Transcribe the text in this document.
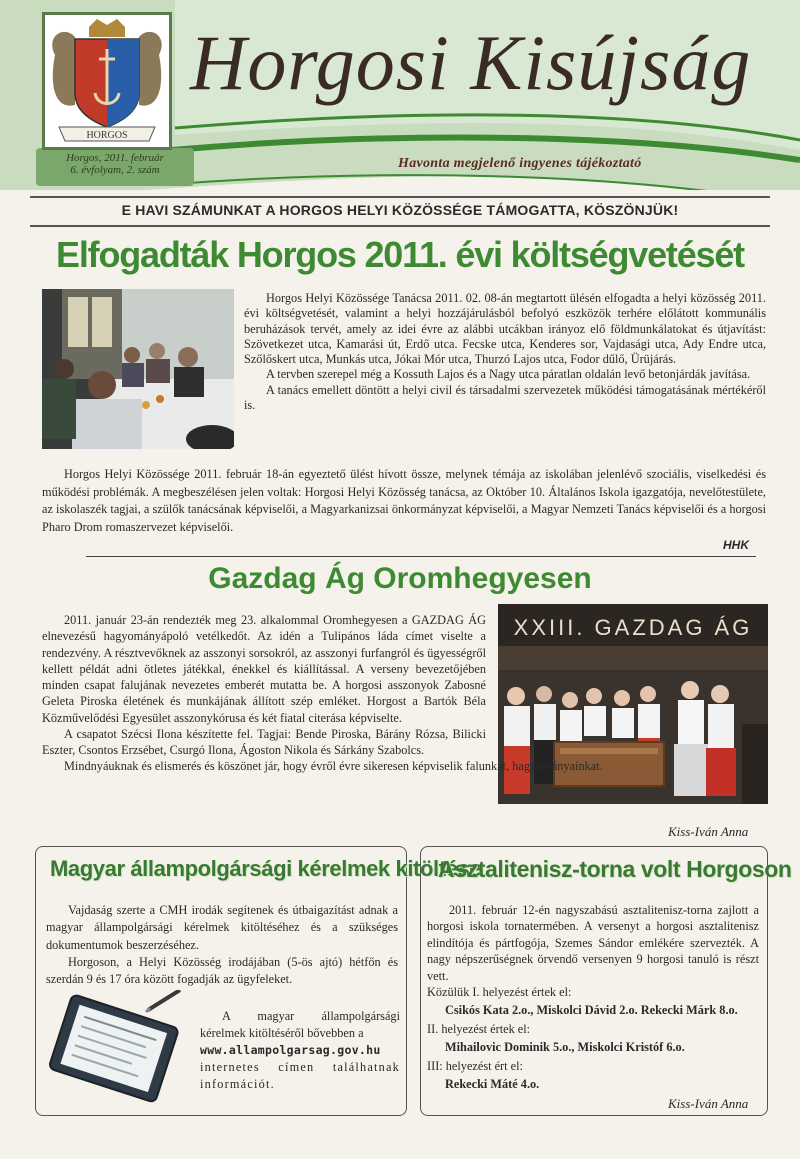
HORGOS
Horgosi Kisújság
Horgos, 2011. február
6. évfolyam, 2. szám	Havonta megjelenő ingyenes tájékoztató
E HAVI SZÁMUNKAT A HORGOS HELYI KÖZÖSSÉGE TÁMOGATTA, KÖSZÖNJÜK!
Elfogadták Horgos 2011. évi költségvetését

Horgos Helyi Közössége Tanácsa 2011. 02. 08-án megtartott ülésén elfogadta a helyi közösség 2011. évi költségvetését, valamint a helyi hozzájárulásból befolyó eszközök terhére előlátott kommunális beruházások tervét, amely az idei évre az alábbi utcákban irányoz elő földmunkálatokat és útjavítást: Szövetkezet utca, Kamarási út, Erdő utca. Fecske utca, Kenderes sor, Vajdasági utca, Ady Endre utca, Szőlőskert utca, Munkás utca, Jókai Mór utca, Thurzó Lajos utca, Fodor dűlő, Ürüjárás.

A tervben szerepel még a Kossuth Lajos és a Nagy utca páratlan oldalán levő betonjárdák javítása.

A tanács emellett döntött a helyi civil és társadalmi szervezetek működési támogatásának mértékéről is.

Horgos Helyi Közössége 2011. február 18-án egyeztető ülést hívott össze, melynek témája az iskolában jelenlévő szociális, viselkedési és működési problémák. A megbeszélésen jelen voltak: Horgosi Helyi Közösség tanácsa, az Október 10. Általános Iskola igazgatója, nevelőtestülete, az iskolaszék tagjai, a szülők tanácsának képviselői, a Magyarkanizsai önkormányzat képviselői, a Magyar Nemzeti Tanács képviselői és a horgosi Pharo Drom romaszervezet képviselői.

HHK
Gazdag Ág Oromhegyesen

2011. január 23-án rendezték meg 23. alkalommal Oromhegyesen a GAZDAG ÁG elnevezésű hagyományápoló vetélkedőt. Az idén a Tulipános láda címet viselte a rendezvény. A résztvevőknek az asszonyi sorsokról, az asszonyi furfangról és ügyességről kellett példát adni ötletes játékkal, énekkel és kiállítással. A verseny bevezetőjében minden csapat falujának nevezetes emberét mutatta be. A horgosi asszonyok Zabosné Geleta Piroska életének és munkájának állított szép emléket. Horgost a Bartók Béla Közművelődési Egyesület asszonykórusa és két fiatal citerása képviselte.

A csapatot Szécsi Ilona készítette fel. Tagjai: Bende Piroska, Bárány Rózsa, Bilicki Eszter, Csontos Erzsébet, Csurgó Ilona, Ágoston Nikola és Sárkány Szabolcs.

XXIII. GAZDAG ÁG

Mindnyáuknak és elismerés és köszönet jár, hogy évről évre sikeresen képviselik falunkat, hagyományainkat.

Kiss-Iván Anna
Magyar állampolgársági kérelmek kitöltése

Vajdaság szerte a CMH irodák segítenek és útbaigazítást adnak a magyar állampolgársági kérelmek kitöltéséhez és a szükséges dokumentumok beszerzéséhez.

Horgoson, a Helyi Közösség irodájában (5-ös ajtó) hétfőn és szerdán 9 és 17 óra között fogadják az ügyfeleket.

A magyar állampolgársági kérelmek kitöltéséről bővebben a

www.allampolgarsag.gov.hu

internetes címen találhatnak információt.

Asztalitenisz-torna volt Horgoson

2011. február 12-én nagyszabású asztalitenisz-torna zajlott a horgosi iskola tornatermében. A versenyt a horgosi asztalitenisz elindítója és pártfogója, Szemes Sándor emlékére szervezték. A nagy népszerűségnek örvendő versenyen 9 horgosi tanuló is részt vett.

Közülük I. helyezést értek el:

Csikós Kata 2.o., Miskolci Dávid 2.o. Rekecki Márk 8.o.

II. helyezést értek el:

Mihailovic Dominik 5.o., Miskolci Kristóf 6.o.

III: helyezést ért el:

Rekecki Máté 4.o.

Kiss-Iván Anna
